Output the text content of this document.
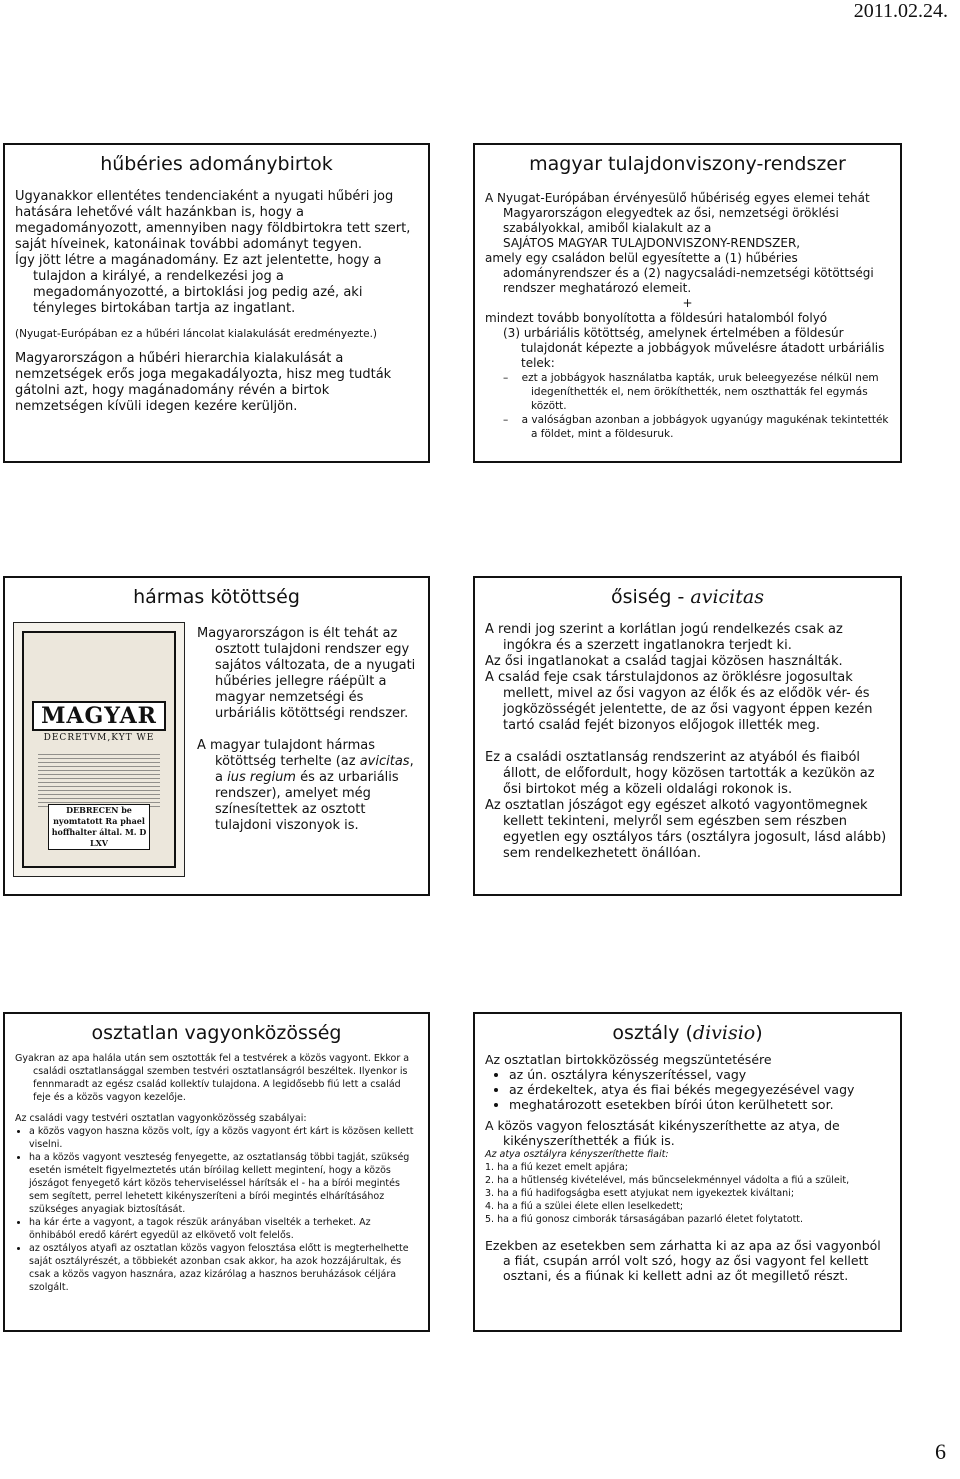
2011.02.24.
hűbéries adománybirtok

Ugyanakkor ellentétes tendenciaként a nyugati hűbéri jog hatására lehetővé vált hazánkban is, hogy a megadományozott, amennyiben nagy földbirtokra tett szert, saját híveinek, katonáinak további adományt tegyen.

Így jött létre a magánadomány. Ez azt jelentette, hogy a tulajdon a királyé, a rendelkezési jog a megadományozotté, a birtoklási jog pedig azé, aki tényleges birtokában tartja az ingatlant.

(Nyugat-Európában ez a hűbéri láncolat kialakulását eredményezte.)

Magyarországon a hűbéri hierarchia kialakulását a nemzetségek erős joga megakadályozta, hisz meg tudták gátolni azt, hogy magánadomány révén a birtok nemzetségen kívüli idegen kezére kerüljön.

magyar tulajdonviszony-rendszer

A Nyugat-Európában érvényesülő hűbériség egyes elemei tehát Magyarországon elegyedtek az ősi, nemzetségi öröklési szabályokkal, amiből kialakult az a

SAJÁTOS MAGYAR TULAJDONVISZONY-RENDSZER,

amely egy családon belül egyesítette a (1) hűbéries adományrendszer és a (2) nagycsaládi-nemzetségi kötöttségi rendszer meghatározó elemeit.

+

mindezt tovább bonyolította a földesúri hatalomból folyó

(3) urbáriális kötöttség, amelynek értelmében a földesúr tulajdonát képezte a jobbágyok művelésre átadott urbáriális telek:

–    ezt a jobbágyok használatba kapták, uruk beleegyezése nélkül nem idegeníthették el, nem örökíthették, nem oszthatták fel egymás között.

–    a valóságban azonban a jobbágyok ugyanúgy magukénak tekintették a földet, mint a földesuruk.

hármas kötöttség
MAGYAR
DECRETVM,KYT WE
DEBRECEN be nyomtatott Ra phael hoffhalter által. M. D LXV

Magyarországon is élt tehát az osztott tulajdoni rendszer egy sajátos változata, de a nyugati hűbéries jellegre ráépült a magyar nemzetségi és urbáriális kötöttségi rendszer.

A magyar tulajdont hármas kötöttség terhelte (az avicitas, a ius regium és az urbariális rendszer), amelyet még színesítettek az osztott tulajdoni viszonyok is.

ősiség - avicitas

A rendi jog szerint a korlátlan jogú rendelkezés csak az ingókra és a szerzett ingatlanokra terjedt ki.

Az ősi ingatlanokat a család tagjai közösen használták.

A család feje csak társtulajdonos az öröklésre jogosultak mellett, mivel az ősi vagyon az élők és az elődök vér- és jogközösségét jelentette, de az ősi vagyont éppen kezén tartó család fejét bizonyos előjogok illették meg.

Ez a családi osztatlanság rendszerint az atyából és fiaiból állott, de előfordult, hogy közösen tartották a kezükön az ősi birtokot még a közeli oldalági rokonok is.

Az osztatlan jószágot egy egészet alkotó vagyontömegnek kellett tekinteni, melyről sem egészben sem részben egyetlen egy osztályos társ (osztályra jogosult, lásd alább) sem rendelkezhetett önállóan.

osztatlan vagyonközösség

Gyakran az apa halála után sem osztották fel a testvérek a közös vagyont. Ekkor a családi osztatlansággal szemben testvéri osztatlanságról beszéltek. Ilyenkor is fennmaradt az egész család kollektív tulajdona. A legidősebb fiú lett a család feje és a közös vagyon kezelője.

Az családi vagy testvéri osztatlan vagyonközösség szabályai:

• a közös vagyon haszna közös volt, így a közös vagyont ért kárt is közösen kellett viselni.
• ha a közös vagyont veszteség fenyegette, az osztatlanság többi tagját, szükség esetén ismételt figyelmeztetés után bíróilag kellett megintení, hogy a közös jószágot fenyegető kárt közös teherviseléssel hárítsák el - ha a bírói megintés sem segített, perrel lehetett kikényszeríteni a bírói megintés elhárításához szükséges anyagiak biztosítását.
• ha kár érte a vagyont, a tagok részük arányában viselték a terheket. Az önhibából eredő kárért egyedül az elkövető volt felelős.
• az osztályos atyafi az osztatlan közös vagyon felosztása előtt is megterhelhette saját osztályrészét, a többiekét azonban csak akkor, ha azok hozzájárultak, és csak a közös vagyon hasznára, azaz kizárólag a hasznos beruházások céljára szolgált.
osztály (divisio)

Az osztatlan birtokközösség megszüntetésére

• az ún. osztályra kényszerítéssel, vagy
• az érdekeltek, atya és fiai békés megegyezésével vagy
• meghatározott esetekben bírói úton kerülhetett sor.

A közös vagyon felosztását kikényszeríthette az atya, de kikényszeríthették a fiúk is.

Az atya osztályra kényszeríthette fiait:

1. ha a fiú kezet emelt apjára;

2. ha a hűtlenség kivételével, más bűncselekménnyel vádolta a fiú a szüleit,

3. ha a fiú hadifogságba esett atyjukat nem igyekeztek kiváltani;

4. ha a fiú a szülei élete ellen leselkedett;

5. ha a fiú gonosz cimborák társaságában pazarló életet folytatott.

Ezekben az esetekben sem zárhatta ki az apa az ősi vagyonból a fiát, csupán arról volt szó, hogy az ősi vagyont fel kellett osztani, és a fiúnak ki kellett adni az őt megillető részt.

6
